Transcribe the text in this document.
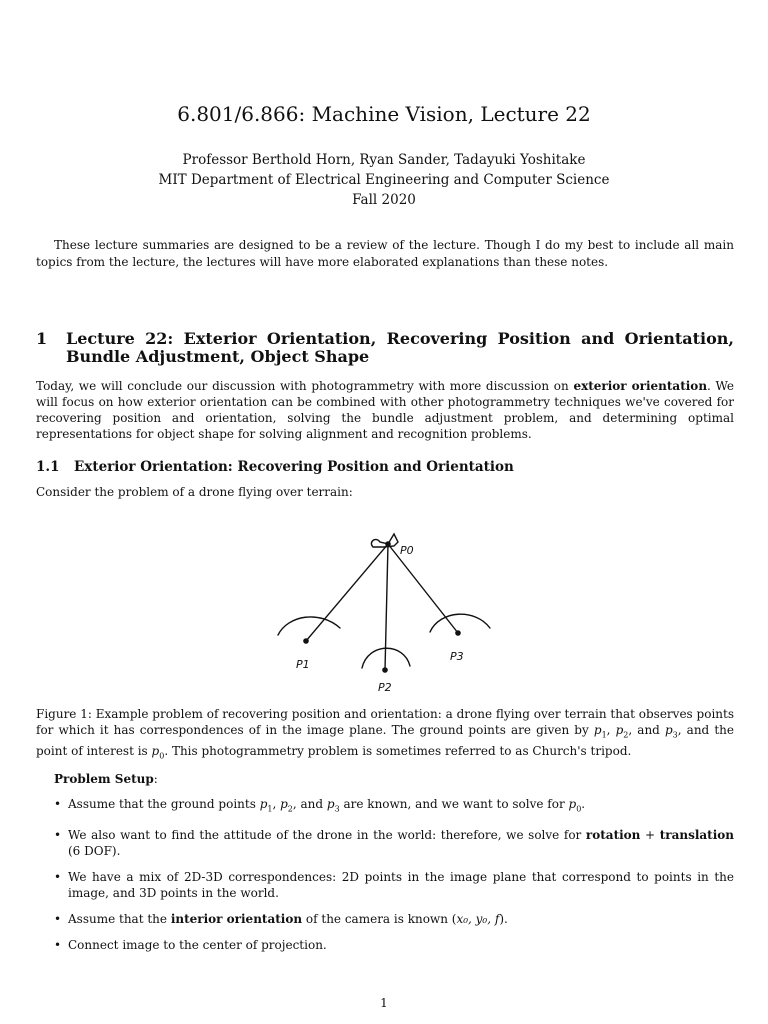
6.801/6.866: Machine Vision, Lecture 22
Professor Berthold Horn, Ryan Sander, Tadayuki Yoshitake
MIT Department of Electrical Engineering and Computer Science
Fall 2020
These lecture summaries are designed to be a review of the lecture. Though I do my best to include all main topics from the lecture, the lectures will have more elaborated explanations than these notes.
1	Lecture 22: Exterior Orientation, Recovering Position and Orientation, Bundle Adjustment, Object Shape
Today, we will conclude our discussion with photogrammetry with more discussion on exterior orientation. We will focus on how exterior orientation can be combined with other photogrammetry techniques we've covered for recovering position and orientation, solving the bundle adjustment problem, and determining optimal representations for object shape for solving alignment and recognition problems.
1.1 Exterior Orientation: Recovering Position and Orientation
Consider the problem of a drone flying over terrain:
P0
P1
P2
P3
Figure 1: Example problem of recovering position and orientation: a drone flying over terrain that observes points for which it has correspondences of in the image plane. The ground points are given by $p_1$, $p_2$, and $p_3$, and the point of interest is $p_0$. This photogrammetry problem is sometimes referred to as Church's tripod.
Problem Setup:
• Assume that the ground points $p_1$, $p_2$, and $p_3$ are known, and we want to solve for $p_0$.
• We also want to find the attitude of the drone in the world: therefore, we solve for rotation + translation (6 DOF).
• We have a mix of 2D-3D correspondences: 2D points in the image plane that correspond to points in the image, and 3D points in the world.
• Assume that the interior orientation of the camera is known (x₀, y₀, f).
• Connect image to the center of projection.
1
